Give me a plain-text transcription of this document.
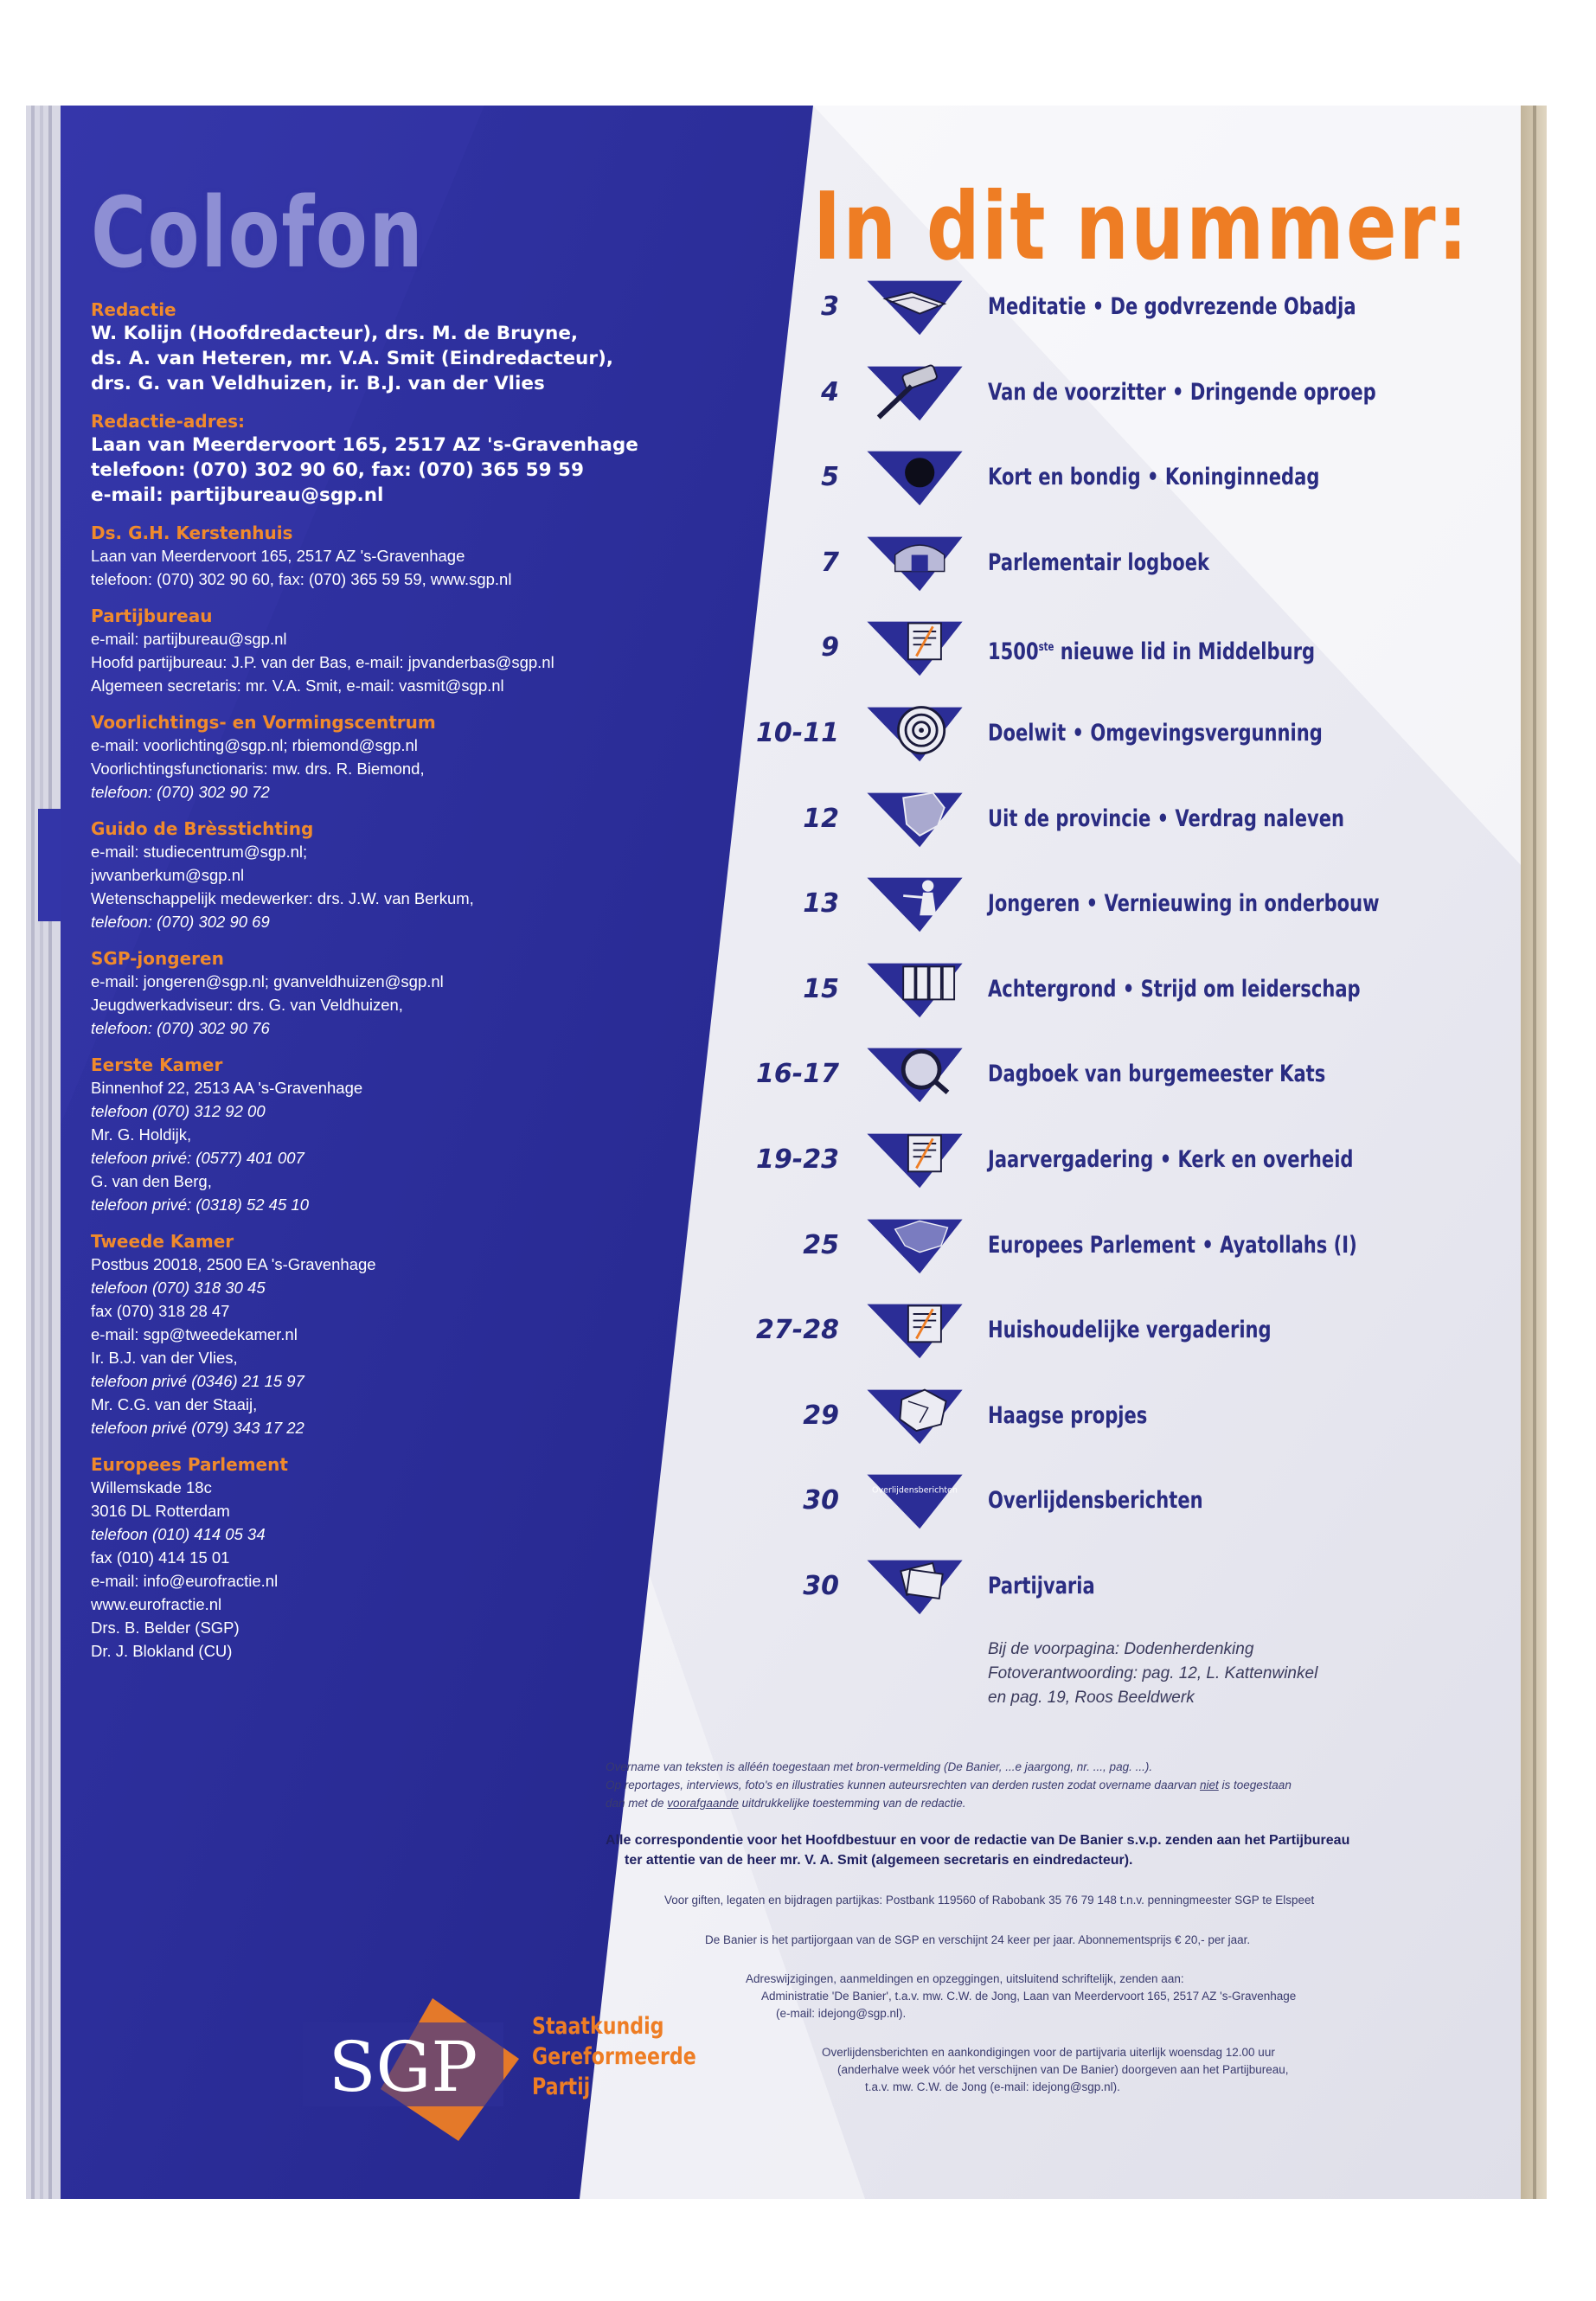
Colofon
Redactie
W. Kolijn (Hoofdredacteur), drs. M. de Bruyne,
ds. A. van Heteren, mr. V.A. Smit (Eindredacteur),
drs. G. van Veldhuizen, ir. B.J. van der Vlies
Redactie-adres:
Laan van Meerdervoort 165, 2517 AZ 's-Gravenhage
telefoon: (070) 302 90 60, fax: (070) 365 59 59
e-mail: partijbureau@sgp.nl
Ds. G.H. Kerstenhuis
Laan van Meerdervoort 165, 2517 AZ 's-Gravenhage
telefoon: (070) 302 90 60, fax: (070) 365 59 59, www.sgp.nl
Partijbureau
e-mail: partijbureau@sgp.nl
Hoofd partijbureau: J.P. van der Bas, e-mail: jpvanderbas@sgp.nl
Algemeen secretaris: mr. V.A. Smit, e-mail: vasmit@sgp.nl
Voorlichtings- en Vormingscentrum
e-mail: voorlichting@sgp.nl; rbiemond@sgp.nl
Voorlichtingsfunctionaris: mw. drs. R. Biemond,
telefoon: (070) 302 90 72
Guido de Brèsstichting
e-mail: studiecentrum@sgp.nl;
jwvanberkum@sgp.nl
Wetenschappelijk medewerker: drs. J.W. van Berkum,
telefoon: (070) 302 90 69
SGP-jongeren
e-mail: jongeren@sgp.nl; gvanveldhuizen@sgp.nl
Jeugdwerkadviseur: drs. G. van Veldhuizen,
telefoon: (070) 302 90 76
Eerste Kamer
Binnenhof 22, 2513 AA 's-Gravenhage
telefoon (070) 312 92 00
Mr. G. Holdijk,
telefoon privé: (0577) 401 007
G. van den Berg,
telefoon privé: (0318) 52 45 10
Tweede Kamer
Postbus 20018, 2500 EA 's-Gravenhage
telefoon (070) 318 30 45
fax (070) 318 28 47
e-mail: sgp@tweedekamer.nl
Ir. B.J. van der Vlies,
telefoon privé (0346) 21 15 97
Mr. C.G. van der Staaij,
telefoon privé (079) 343 17 22
Europees Parlement
Willemskade 18c
3016 DL Rotterdam
telefoon (010) 414 05 34
fax (010) 414 15 01
e-mail: info@eurofractie.nl
www.eurofractie.nl
Drs. B. Belder (SGP)
Dr. J. Blokland (CU)
In dit nummer:
3	Meditatie • De godvrezende Obadja
4	Van de voorzitter • Dringende oproep
5	Kort en bondig • Koninginnedag
7	Parlementair logboek
9	1500ste nieuwe lid in Middelburg
10-11	Doelwit • Omgevingsvergunning
12	Uit de provincie • Verdrag naleven
13	Jongeren • Vernieuwing in onderbouw
15	Achtergrond • Strijd om leiderschap
16-17	Dagboek van burgemeester Kats
19-23	Jaarvergadering • Kerk en overheid
25	Europees Parlement • Ayatollahs (I)
27-28	Huishoudelijke vergadering
29	Haagse propjes
30	Overlijdensberichten Overlijdensberichten
30	Partijvaria
Bij de voorpagina: Dodenherdenking
Fotoverantwoording: pag. 12, L. Kattenwinkel
en pag. 19, Roos Beeldwerk
Overname van teksten is alléén toegestaan met bron-vermelding (De Banier, ...e jaargong, nr. ..., pag. ...).
Op reportages, interviews, foto's en illustraties kunnen auteursrechten van derden rusten zodat overname daarvan niet is toegestaan
dan met de voorafgaande uitdrukkelijke toestemming van de redactie.
Alle correspondentie voor het Hoofdbestuur en voor de redactie van De Banier s.v.p. zenden aan het Partijbureau
ter attentie van de heer mr. V. A. Smit (algemeen secretaris en eindredacteur).
Voor giften, legaten en bijdragen partijkas: Postbank 119560 of Rabobank 35 76 79 148 t.n.v. penningmeester SGP te Elspeet
De Banier is het partijorgaan van de SGP en verschijnt 24 keer per jaar. Abonnementsprijs € 20,- per jaar.
Adreswijzigingen, aanmeldingen en opzeggingen, uitsluitend schriftelijk, zenden aan:
Administratie 'De Banier', t.a.v. mw. C.W. de Jong, Laan van Meerdervoort 165, 2517 AZ 's-Gravenhage
(e-mail: idejong@sgp.nl).
Overlijdensberichten en aankondigingen voor de partijvaria uiterlijk woensdag 12.00 uur
(anderhalve week vóór het verschijnen van De Banier) doorgeven aan het Partijbureau,
t.a.v. mw. C.W. de Jong (e-mail: idejong@sgp.nl).
SGP
Staatkundig
Gereformeerde
Partij
